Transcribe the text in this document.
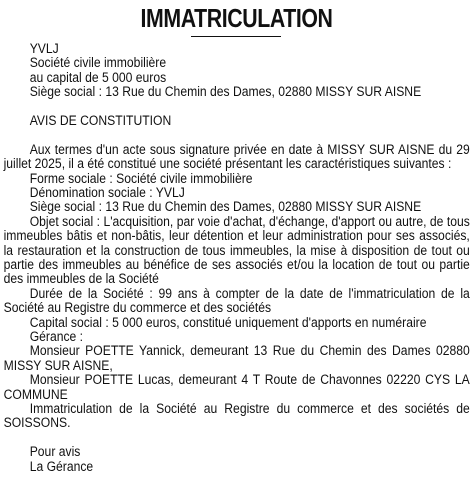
IMMATRICULATION
YVLJ
Société civile immobilière
au capital de 5 000 euros
Siège social : 13 Rue du Chemin des Dames, 02880 MISSY SUR AISNE
AVIS DE CONSTITUTION
Aux termes d'un acte sous signature privée en date à MISSY SUR AISNE du 29 juillet 2025, il a été constitué une société présentant les caractéristiques suivantes :
Forme sociale : Société civile immobilière
Dénomination sociale : YVLJ
Siège social : 13 Rue du Chemin des Dames, 02880 MISSY SUR AISNE
Objet social : L'acquisition, par voie d'achat, d'échange, d'apport ou autre, de tous immeubles bâtis et non-bâtis, leur détention et leur administration pour ses associés, la restauration et la construction de tous immeubles, la mise à disposition de tout ou partie des immeubles au bénéfice de ses associés et/ou la location de tout ou partie des immeubles de la Société
Durée de la Société : 99 ans à compter de la date de l'immatriculation de la Société au Registre du commerce et des sociétés
Capital social : 5 000 euros, constitué uniquement d'apports en numéraire
Gérance :
Monsieur POETTE Yannick, demeurant 13 Rue du Chemin des Dames 02880 MISSY SUR AISNE,
Monsieur POETTE Lucas, demeurant 4 T Route de Chavonnes 02220 CYS LA COMMUNE
Immatriculation de la Société au Registre du commerce et des sociétés de SOISSONS.
Pour avis
La Gérance
